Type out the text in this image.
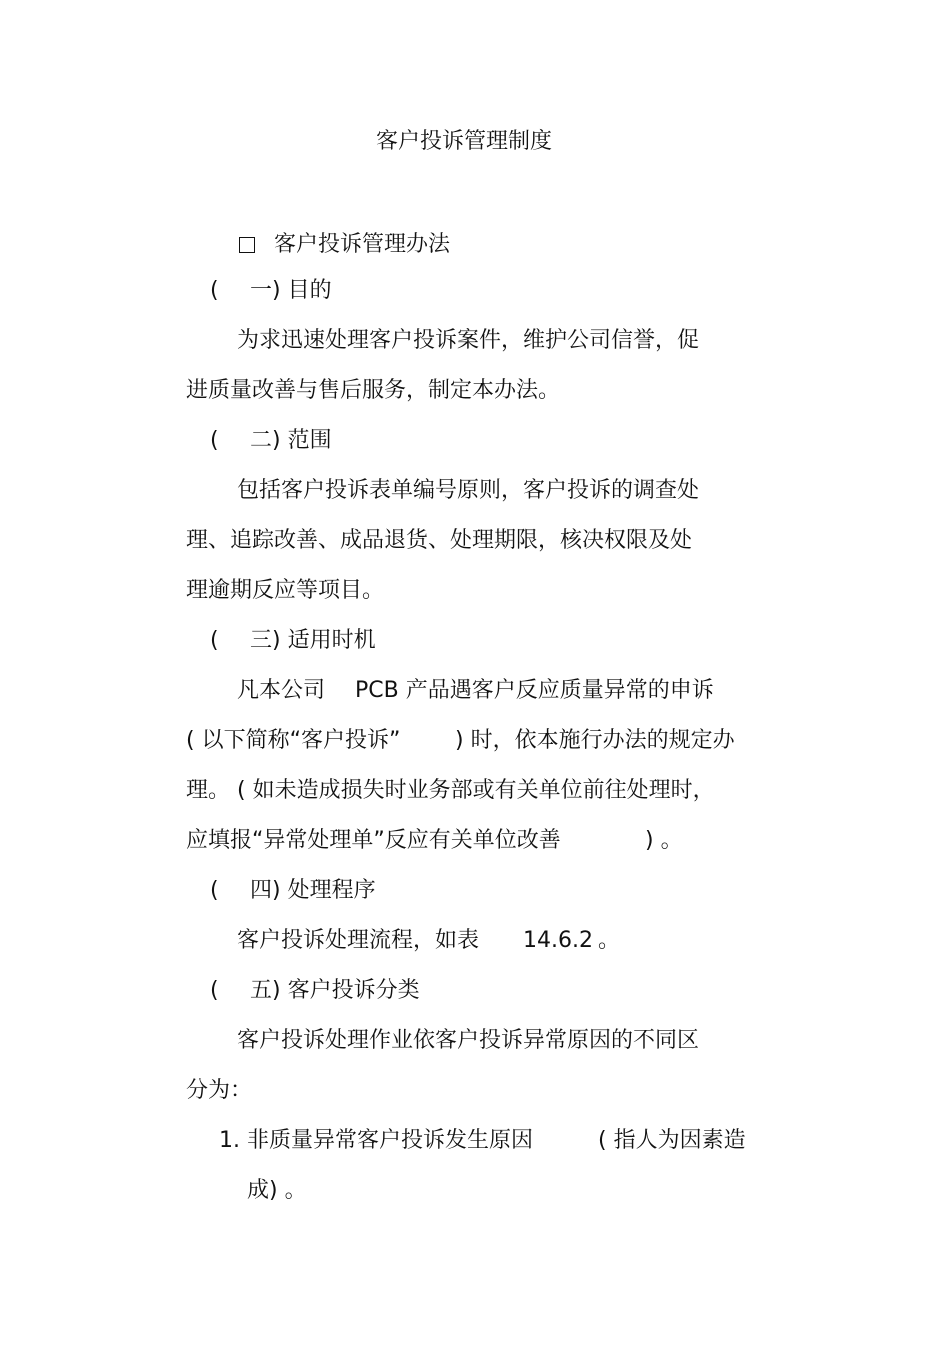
客户投诉管理制度
客户投诉管理办法
( 一) 目的
为求迅速处理客户投诉案件，维护公司信誉，促
进质量改善与售后服务，制定本办法。
( 二) 范围
包括客户投诉表单编号原则，客户投诉的调查处
理、追踪改善、成品退货、处理期限，核决权限及处
理逾期反应等项目。
( 三) 适用时机
凡本公司 PCB 产品遇客户反应质量异常的申诉
( 以下简称“客户投诉” ) 时，依本施行办法的规定办
理。 ( 如未造成损失时业务部或有关单位前往处理时，
应填报“异常处理单”反应有关单位改善	) 。
( 四) 处理程序
客户投诉处理流程，如表 14.6.2 。
( 五) 客户投诉分类
客户投诉处理作业依客户投诉异常原因的不同区
分为：
1. 非质量异常客户投诉发生原因	( 指人为因素造
成) 。
